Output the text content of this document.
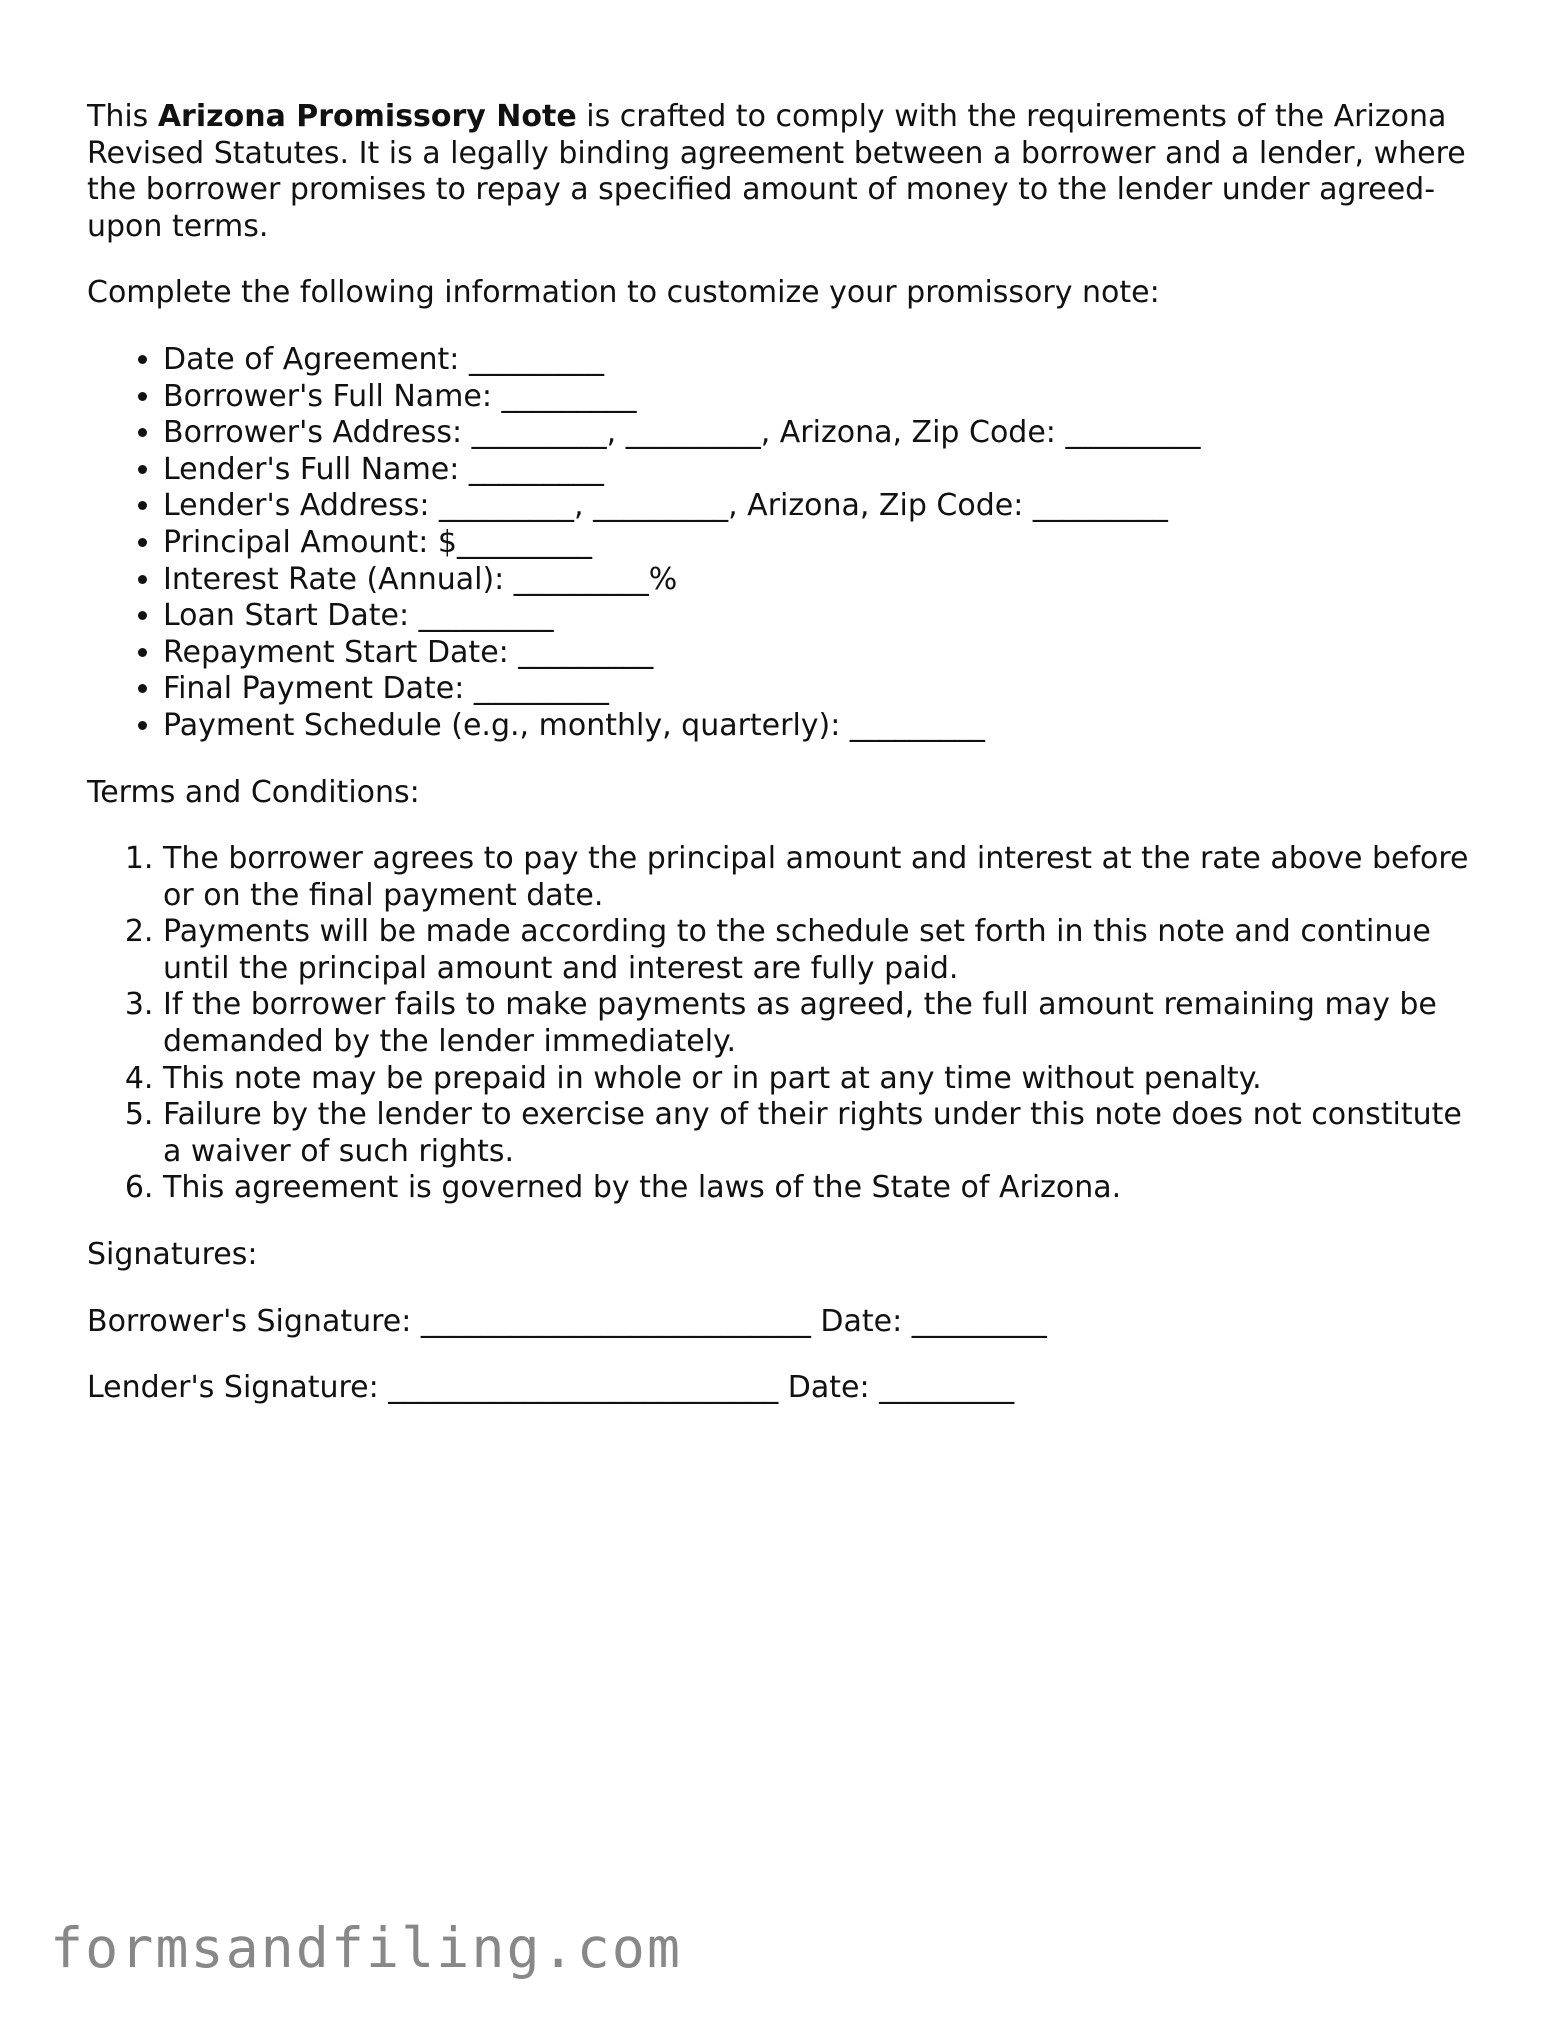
This Arizona Promissory Note is crafted to comply with the requirements of the Arizona Revised Statutes. It is a legally binding agreement between a borrower and a lender, where the borrower promises to repay a specified amount of money to the lender under agreed-upon terms.

Complete the following information to customize your promissory note:

• Date of Agreement: _________
• Borrower's Full Name: _________
• Borrower's Address: _________, _________, Arizona, Zip Code: _________
• Lender's Full Name: _________
• Lender's Address: _________, _________, Arizona, Zip Code: _________
• Principal Amount: $_________
• Interest Rate (Annual): _________%
• Loan Start Date: _________
• Repayment Start Date: _________
• Final Payment Date: _________
• Payment Schedule (e.g., monthly, quarterly): _________

Terms and Conditions:

1. The borrower agrees to pay the principal amount and interest at the rate above before or on the final payment date.
2. Payments will be made according to the schedule set forth in this note and continue until the principal amount and interest are fully paid.
3. If the borrower fails to make payments as agreed, the full amount remaining may be demanded by the lender immediately.
4. This note may be prepaid in whole or in part at any time without penalty.
5. Failure by the lender to exercise any of their rights under this note does not constitute a waiver of such rights.
6. This agreement is governed by the laws of the State of Arizona.

Signatures:

Borrower's Signature: __________________________ Date: _________

Lender's Signature: __________________________ Date: _________

formsandfiling.com
